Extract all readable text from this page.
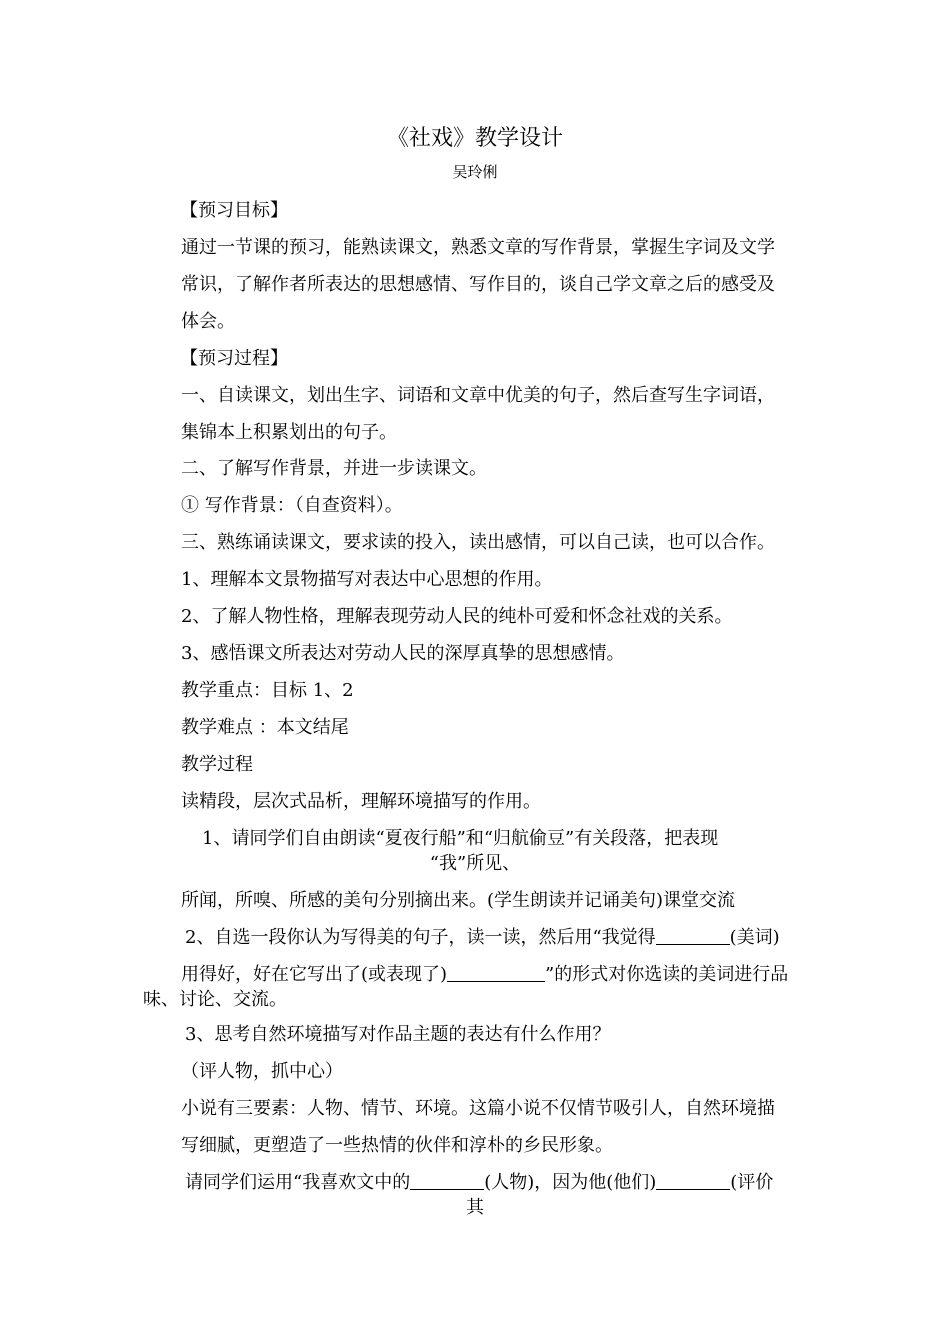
《社戏》教学设计
吴玲俐
【预习目标】
通过一节课的预习，能熟读课文，熟悉文章的写作背景，掌握生字词及文学
常识，了解作者所表达的思想感情、写作目的，谈自己学文章之后的感受及
体会。
【预习过程】
一、自读课文，划出生字、词语和文章中优美的句子，然后查写生字词语，
集锦本上积累划出的句子。
二、了解写作背景，并进一步读课文。
① 写作背景：（自查资料）。
三、熟练诵读课文，要求读的投入，读出感情，可以自己读，也可以合作。
1、理解本文景物描写对表达中心思想的作用。
2、了解人物性格，理解表现劳动人民的纯朴可爱和怀念社戏的关系。
3、感悟课文所表达对劳动人民的深厚真挚的思想感情。
教学重点：目标 1、2
教学难点 ：本文结尾
教学过程
读精段，层次式品析，理解环境描写的作用。
1、请同学们自由朗读“夏夜行船”和“归航偷豆”有关段落，把表现
“我”所见、
所闻，所嗅、所感的美句分别摘出来。(学生朗读并记诵美句)课堂交流
2、自选一段你认为写得美的句子，读一读，然后用“我觉得	(美词)
用得好，好在它写出了(或表现了)	”的形式对你选读的美词进行品
味、讨论、交流。
3、思考自然环境描写对作品主题的表达有什么作用？
（评人物，抓中心）
小说有三要素：人物、情节、环境。这篇小说不仅情节吸引人，自然环境描
写细腻，更塑造了一些热情的伙伴和淳朴的乡民形象。
请同学们运用“我喜欢文中的	(人物)，因为他(他们)	(评价
其
